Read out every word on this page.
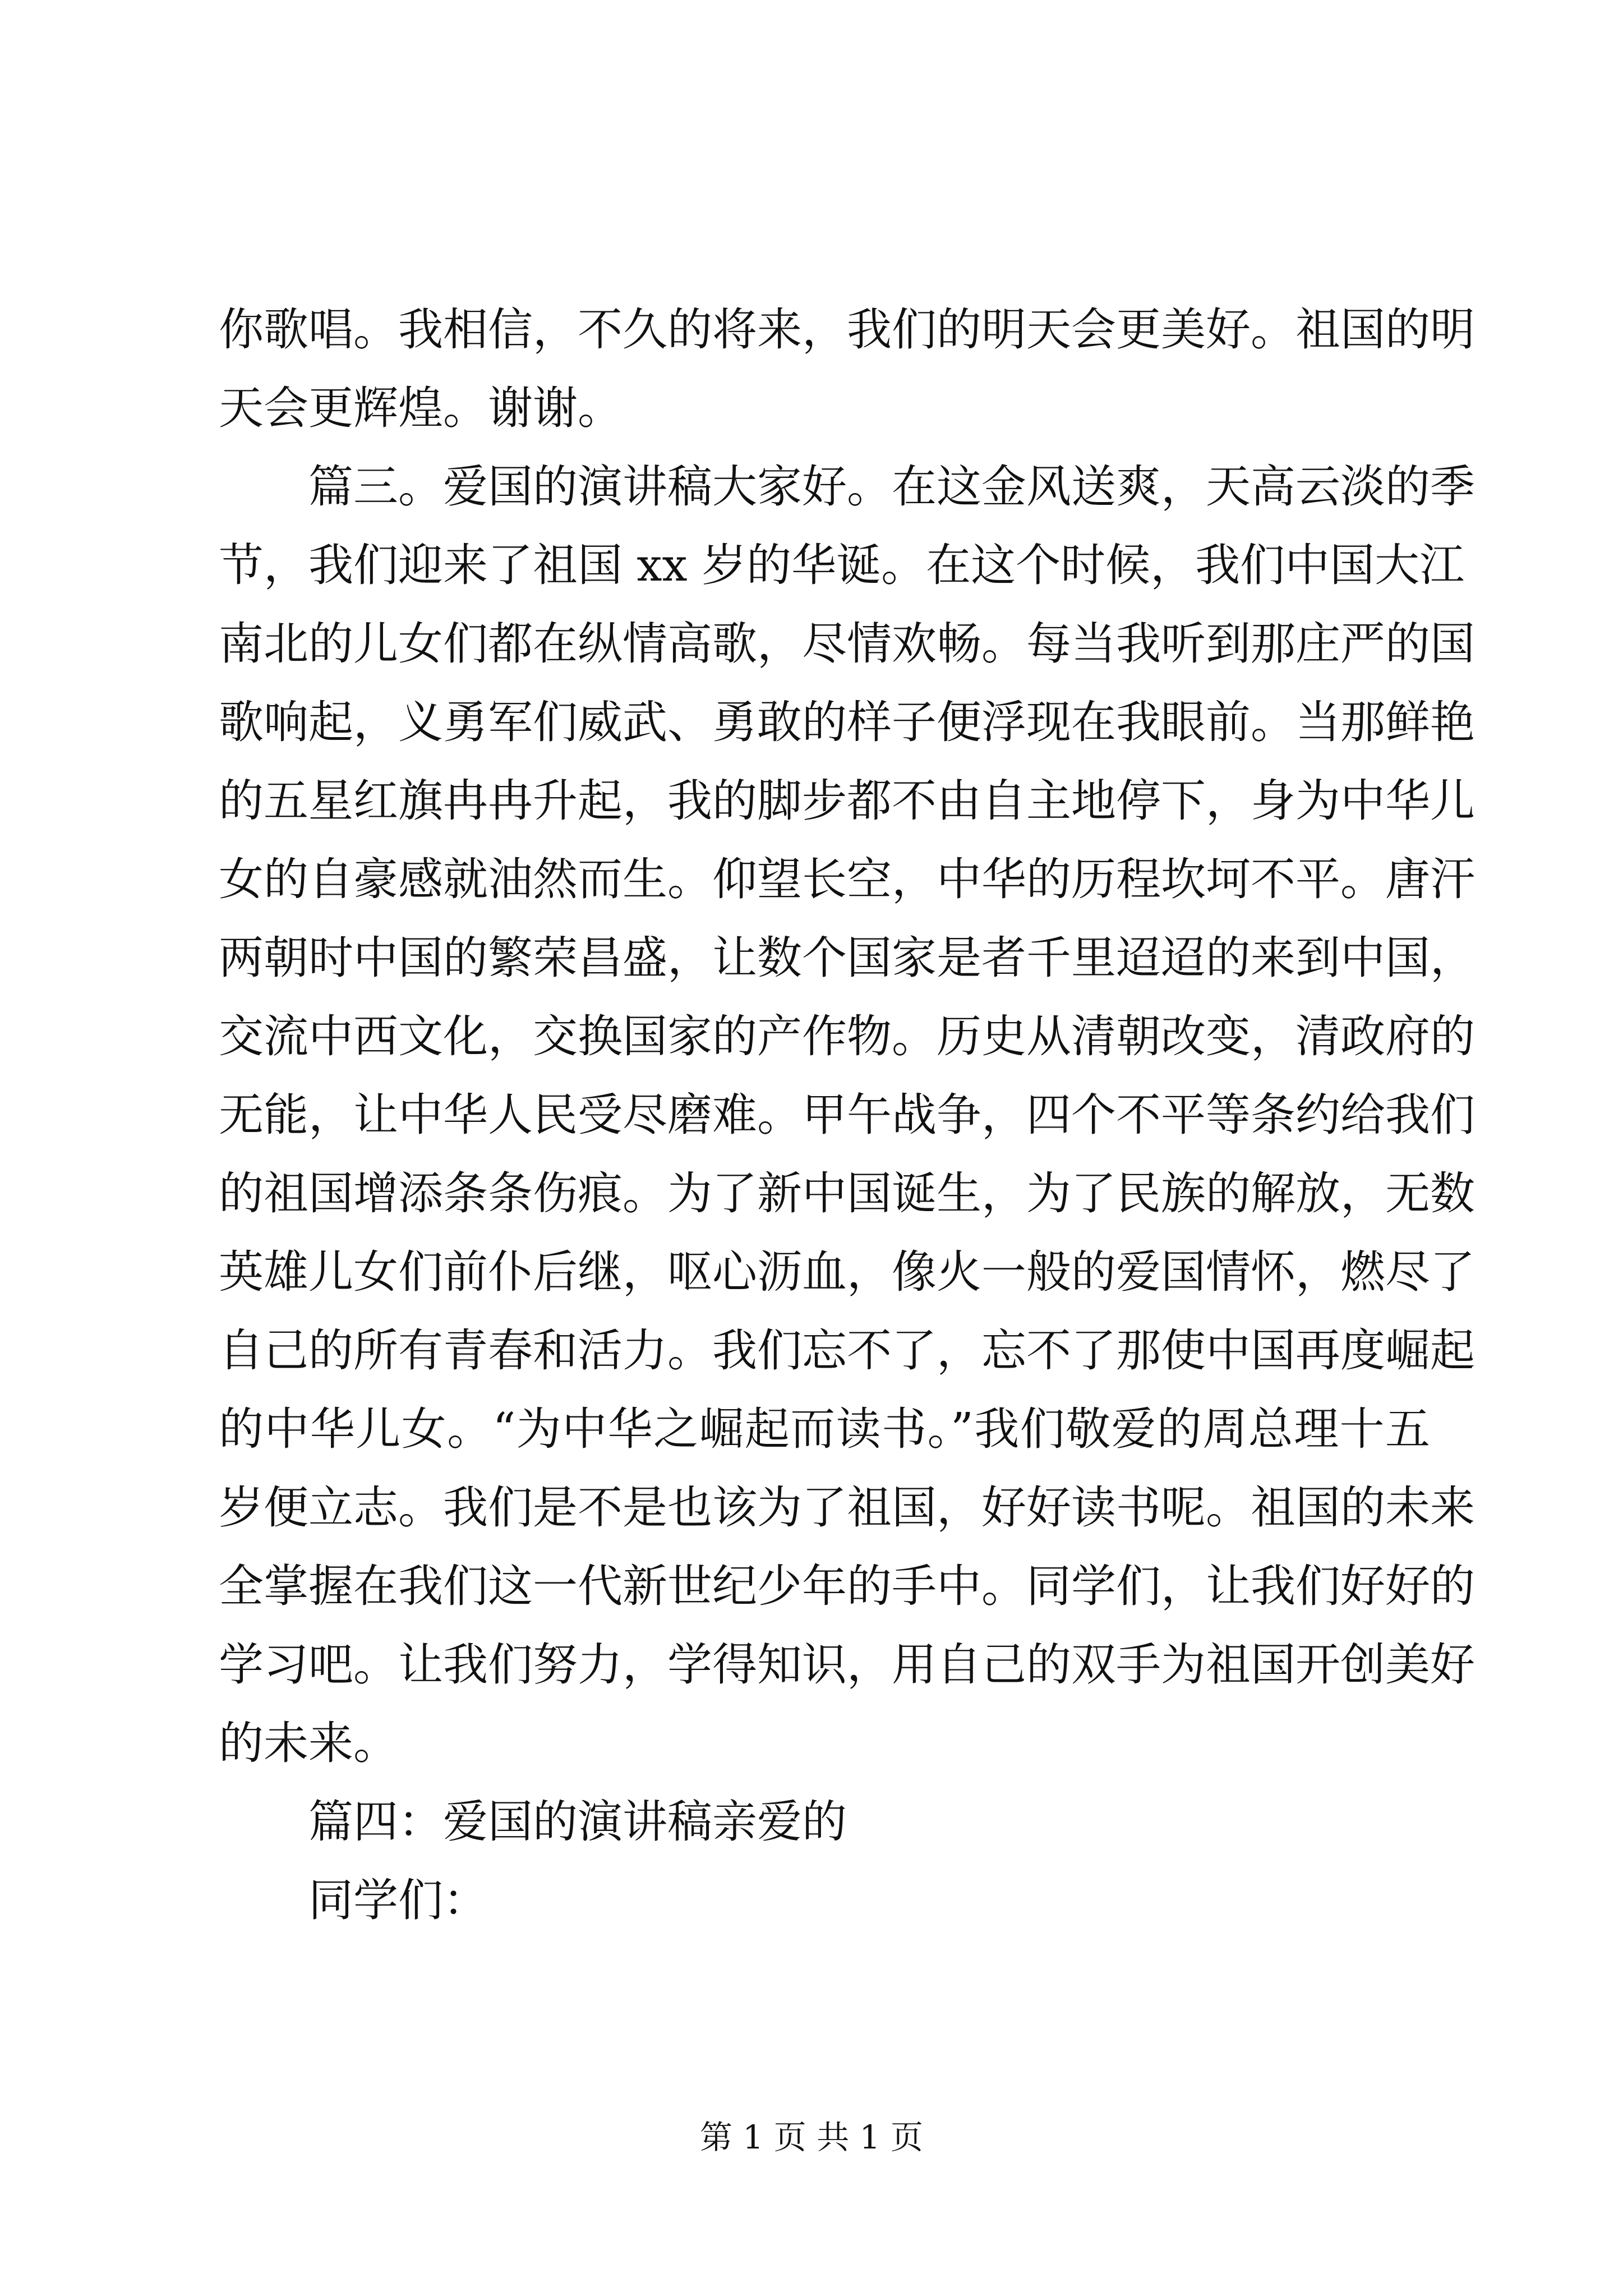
你歌唱。我相信，不久的将来，我们的明天会更美好。祖国的明
天会更辉煌。谢谢。
篇三。爱国的演讲稿大家好。在这金风送爽，天高云淡的季
节，我们迎来了祖国 xx 岁的华诞。在这个时候，我们中国大江
南北的儿女们都在纵情高歌，尽情欢畅。每当我听到那庄严的国
歌响起，义勇军们威武、勇敢的样子便浮现在我眼前。当那鲜艳
的五星红旗冉冉升起，我的脚步都不由自主地停下，身为中华儿
女的自豪感就油然而生。仰望长空，中华的历程坎坷不平。唐汗
两朝时中国的繁荣昌盛，让数个国家是者千里迢迢的来到中国，
交流中西文化，交换国家的产作物。历史从清朝改变，清政府的
无能，让中华人民受尽磨难。甲午战争，四个不平等条约给我们
的祖国增添条条伤痕。为了新中国诞生，为了民族的解放，无数
英雄儿女们前仆后继，呕心沥血，像火一般的爱国情怀，燃尽了
自己的所有青春和活力。我们忘不了，忘不了那使中国再度崛起
的中华儿女。“为中华之崛起而读书。”我们敬爱的周总理十五
岁便立志。我们是不是也该为了祖国，好好读书呢。祖国的未来
全掌握在我们这一代新世纪少年的手中。同学们，让我们好好的
学习吧。让我们努力，学得知识，用自己的双手为祖国开创美好
的未来。
篇四：爱国的演讲稿亲爱的
同学们：
第 1 页 共 1 页
